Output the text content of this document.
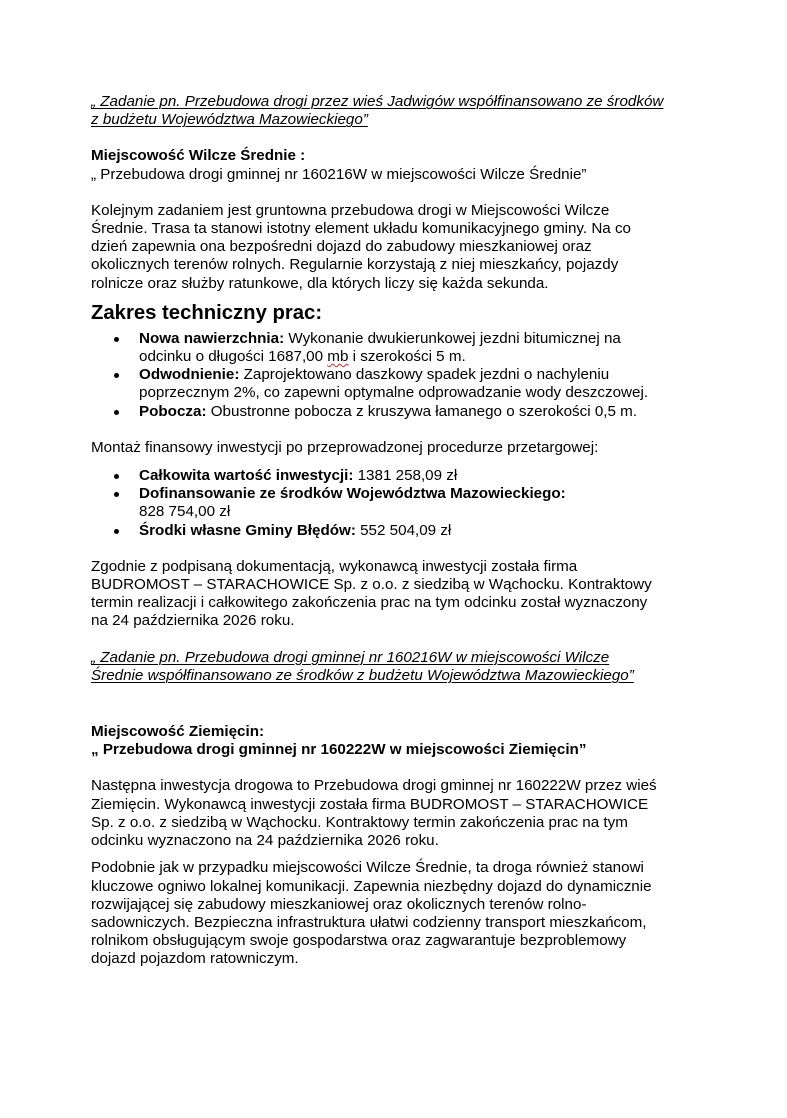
„ Zadanie pn. Przebudowa drogi przez wieś Jadwigów współfinansowano ze środków
z budżetu Województwa Mazowieckiego”

Miejscowość Wilcze Średnie :

„ Przebudowa drogi gminnej nr 160216W w miejscowości Wilcze Średnie”

Kolejnym zadaniem jest gruntowna przebudowa drogi w Miejscowości Wilcze
Średnie. Trasa ta stanowi istotny element układu komunikacyjnego gminy. Na co
dzień zapewnia ona bezpośredni dojazd do zabudowy mieszkaniowej oraz
okolicznych terenów rolnych. Regularnie korzystają z niej mieszkańcy, pojazdy
rolnicze oraz służby ratunkowe, dla których liczy się każda sekunda.

Zakres techniczny prac:
Nowa nawierzchnia: Wykonanie dwukierunkowej jezdni bitumicznej na
odcinku o długości 1687,00 mb i szerokości 5 m.
Odwodnienie: Zaprojektowano daszkowy spadek jezdni o nachyleniu
poprzecznym 2%, co zapewni optymalne odprowadzanie wody deszczowej.
Pobocza: Obustronne pobocza z kruszywa łamanego o szerokości 0,5 m.

Montaż finansowy inwestycji po przeprowadzonej procedurze przetargowej:

Całkowita wartość inwestycji: 1381 258,09 zł
Dofinansowanie ze środków Województwa Mazowieckiego:
828 754,00 zł
Środki własne Gminy Błędów: 552 504,09 zł

Zgodnie z podpisaną dokumentacją, wykonawcą inwestycji została firma
BUDROMOST – STARACHOWICE Sp. z o.o. z siedzibą w Wąchocku. Kontraktowy
termin realizacji i całkowitego zakończenia prac na tym odcinku został wyznaczony
na 24 października 2026 roku.

„ Zadanie pn. Przebudowa drogi gminnej nr 160216W w miejscowości Wilcze
Średnie współfinansowano ze środków z budżetu Województwa Mazowieckiego”

Miejscowość Ziemięcin:

„ Przebudowa drogi gminnej nr 160222W w miejscowości Ziemięcin”

Następna inwestycja drogowa to Przebudowa drogi gminnej nr 160222W przez wieś
Ziemięcin. Wykonawcą inwestycji została firma BUDROMOST – STARACHOWICE
Sp. z o.o. z siedzibą w Wąchocku. Kontraktowy termin zakończenia prac na tym
odcinku wyznaczono na 24 października 2026 roku.

Podobnie jak w przypadku miejscowości Wilcze Średnie, ta droga również stanowi
kluczowe ogniwo lokalnej komunikacji. Zapewnia niezbędny dojazd do dynamicznie
rozwijającej się zabudowy mieszkaniowej oraz okolicznych terenów rolno-
sadowniczych. Bezpieczna infrastruktura ułatwi codzienny transport mieszkańcom,
rolnikom obsługującym swoje gospodarstwa oraz zagwarantuje bezproblemowy
dojazd pojazdom ratowniczym.
